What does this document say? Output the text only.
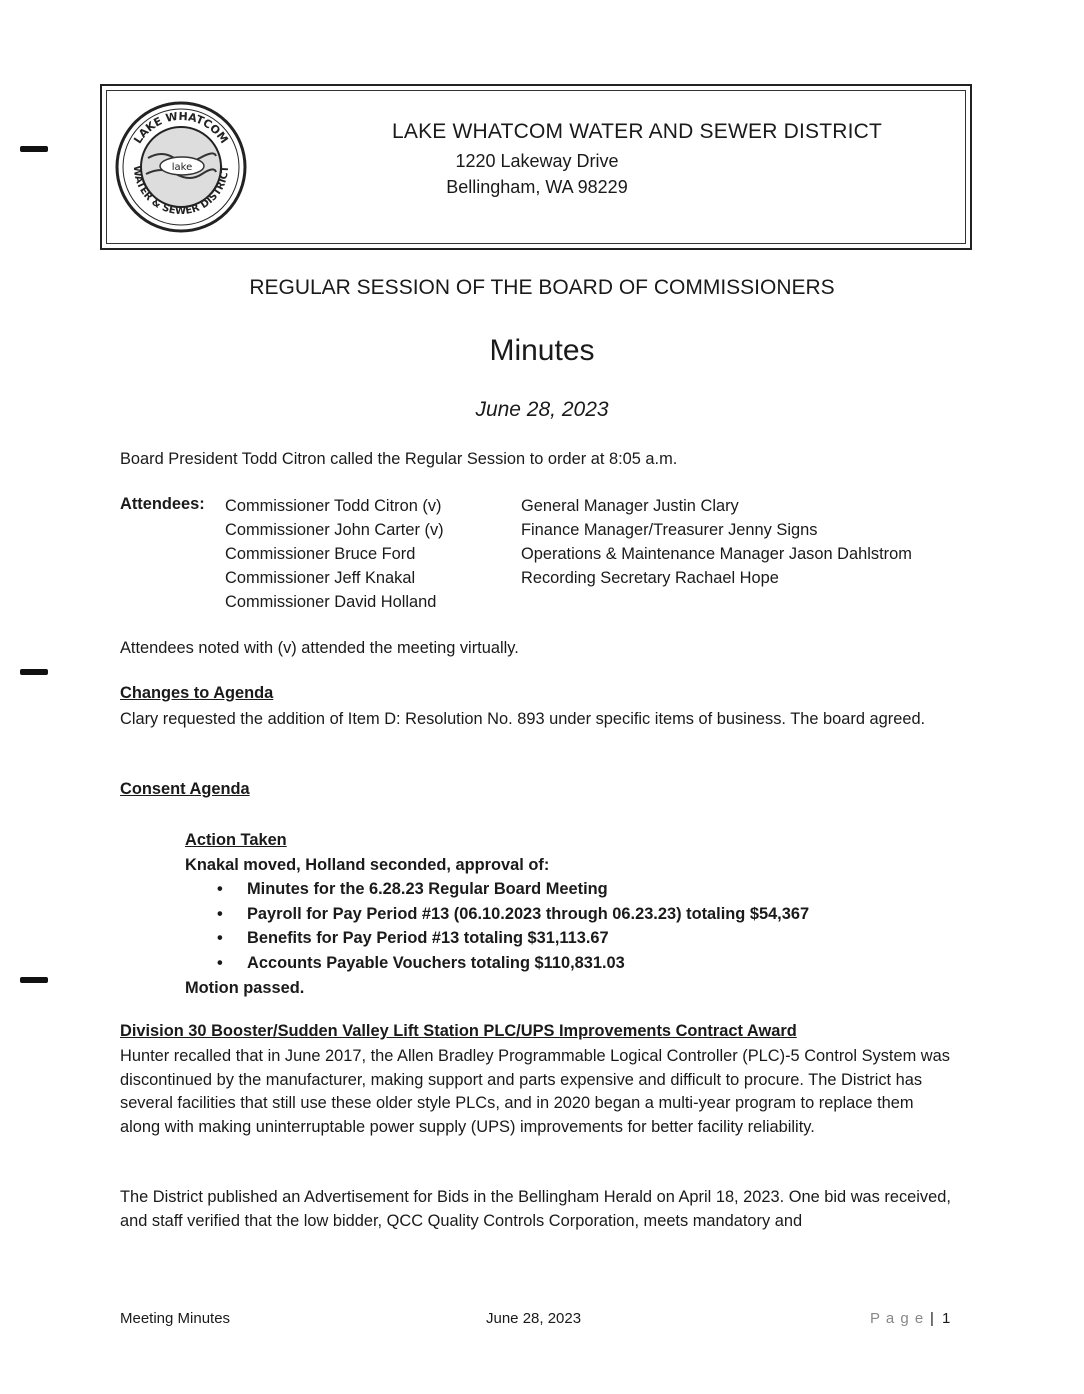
LAKE WHATCOM
WATER & SEWER DISTRICT
lake
LAKE WHATCOM WATER AND SEWER DISTRICT
1220 Lakeway Drive
Bellingham, WA 98229
REGULAR SESSION OF THE BOARD OF COMMISSIONERS
Minutes
June 28, 2023
Board President Todd Citron called the Regular Session to order at 8:05 a.m.
Attendees: Commissioner Todd Citron (v)
Commissioner John Carter (v)
Commissioner Bruce Ford
Commissioner Jeff Knakal
Commissioner David Holland
General Manager Justin Clary
Finance Manager/Treasurer Jenny Signs
Operations & Maintenance Manager Jason Dahlstrom
Recording Secretary Rachael Hope
Attendees noted with (v) attended the meeting virtually.
Changes to Agenda
Clary requested the addition of Item D: Resolution No. 893 under specific items of business. The board agreed.
Consent Agenda
Action Taken
Knakal moved, Holland seconded, approval of:
• Minutes for the 6.28.23 Regular Board Meeting
• Payroll for Pay Period #13 (06.10.2023 through 06.23.23) totaling $54,367
• Benefits for Pay Period #13 totaling $31,113.67
• Accounts Payable Vouchers totaling $110,831.03
Motion passed.
Division 30 Booster/Sudden Valley Lift Station PLC/UPS Improvements Contract Award
Hunter recalled that in June 2017, the Allen Bradley Programmable Logical Controller (PLC)-5 Control System was discontinued by the manufacturer, making support and parts expensive and difficult to procure. The District has several facilities that still use these older style PLCs, and in 2020 began a multi-year program to replace them along with making uninterruptable power supply (UPS) improvements for better facility reliability.
The District published an Advertisement for Bids in the Bellingham Herald on April 18, 2023. One bid was received, and staff verified that the low bidder, QCC Quality Controls Corporation, meets mandatory and
Meeting Minutes	June 28, 2023	P a g e | 1
